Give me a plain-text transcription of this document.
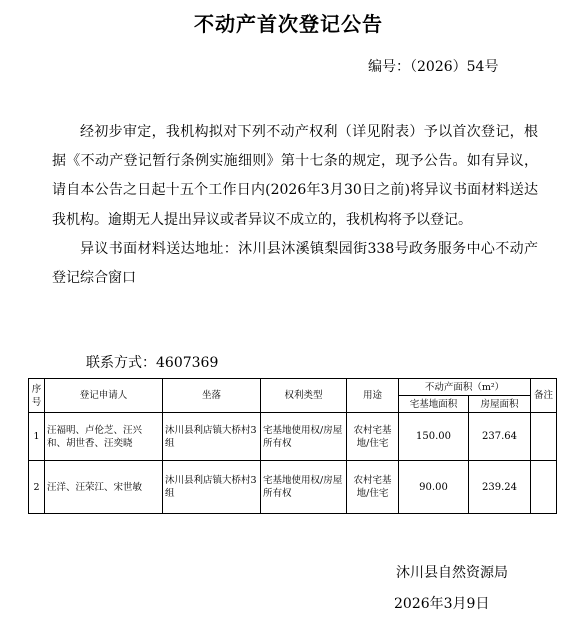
不动产首次登记公告
编号：（2026）54号

经初步审定，我机构拟对下列不动产权利（详见附表）予以首次登记，根据《不动产登记暂行条例实施细则》第十七条的规定，现予公告。如有异议，请自本公告之日起十五个工作日内(2026年3月30日之前)将异议书面材料送达我机构。逾期无人提出异议或者异议不成立的，我机构将予以登记。

异议书面材料送达地址：沐川县沐溪镇梨园街338号政务服务中心不动产登记综合窗口

联系方式：4607369
序号	登记申请人	坐落	权利类型	用途	不动产面积（m²）		备注
					宅基地面积	房屋面积	
1	汪福明、卢伦芝、汪兴和、胡世香、汪奕晓	沐川县利店镇大桥村3组	宅基地使用权/房屋所有权	农村宅基地/住宅	150.00	237.64	
2	汪洋、汪荣江、宋世敏	沐川县利店镇大桥村3组	宅基地使用权/房屋所有权	农村宅基地/住宅	90.00	239.24	
沐川县自然资源局
2026年3月9日
